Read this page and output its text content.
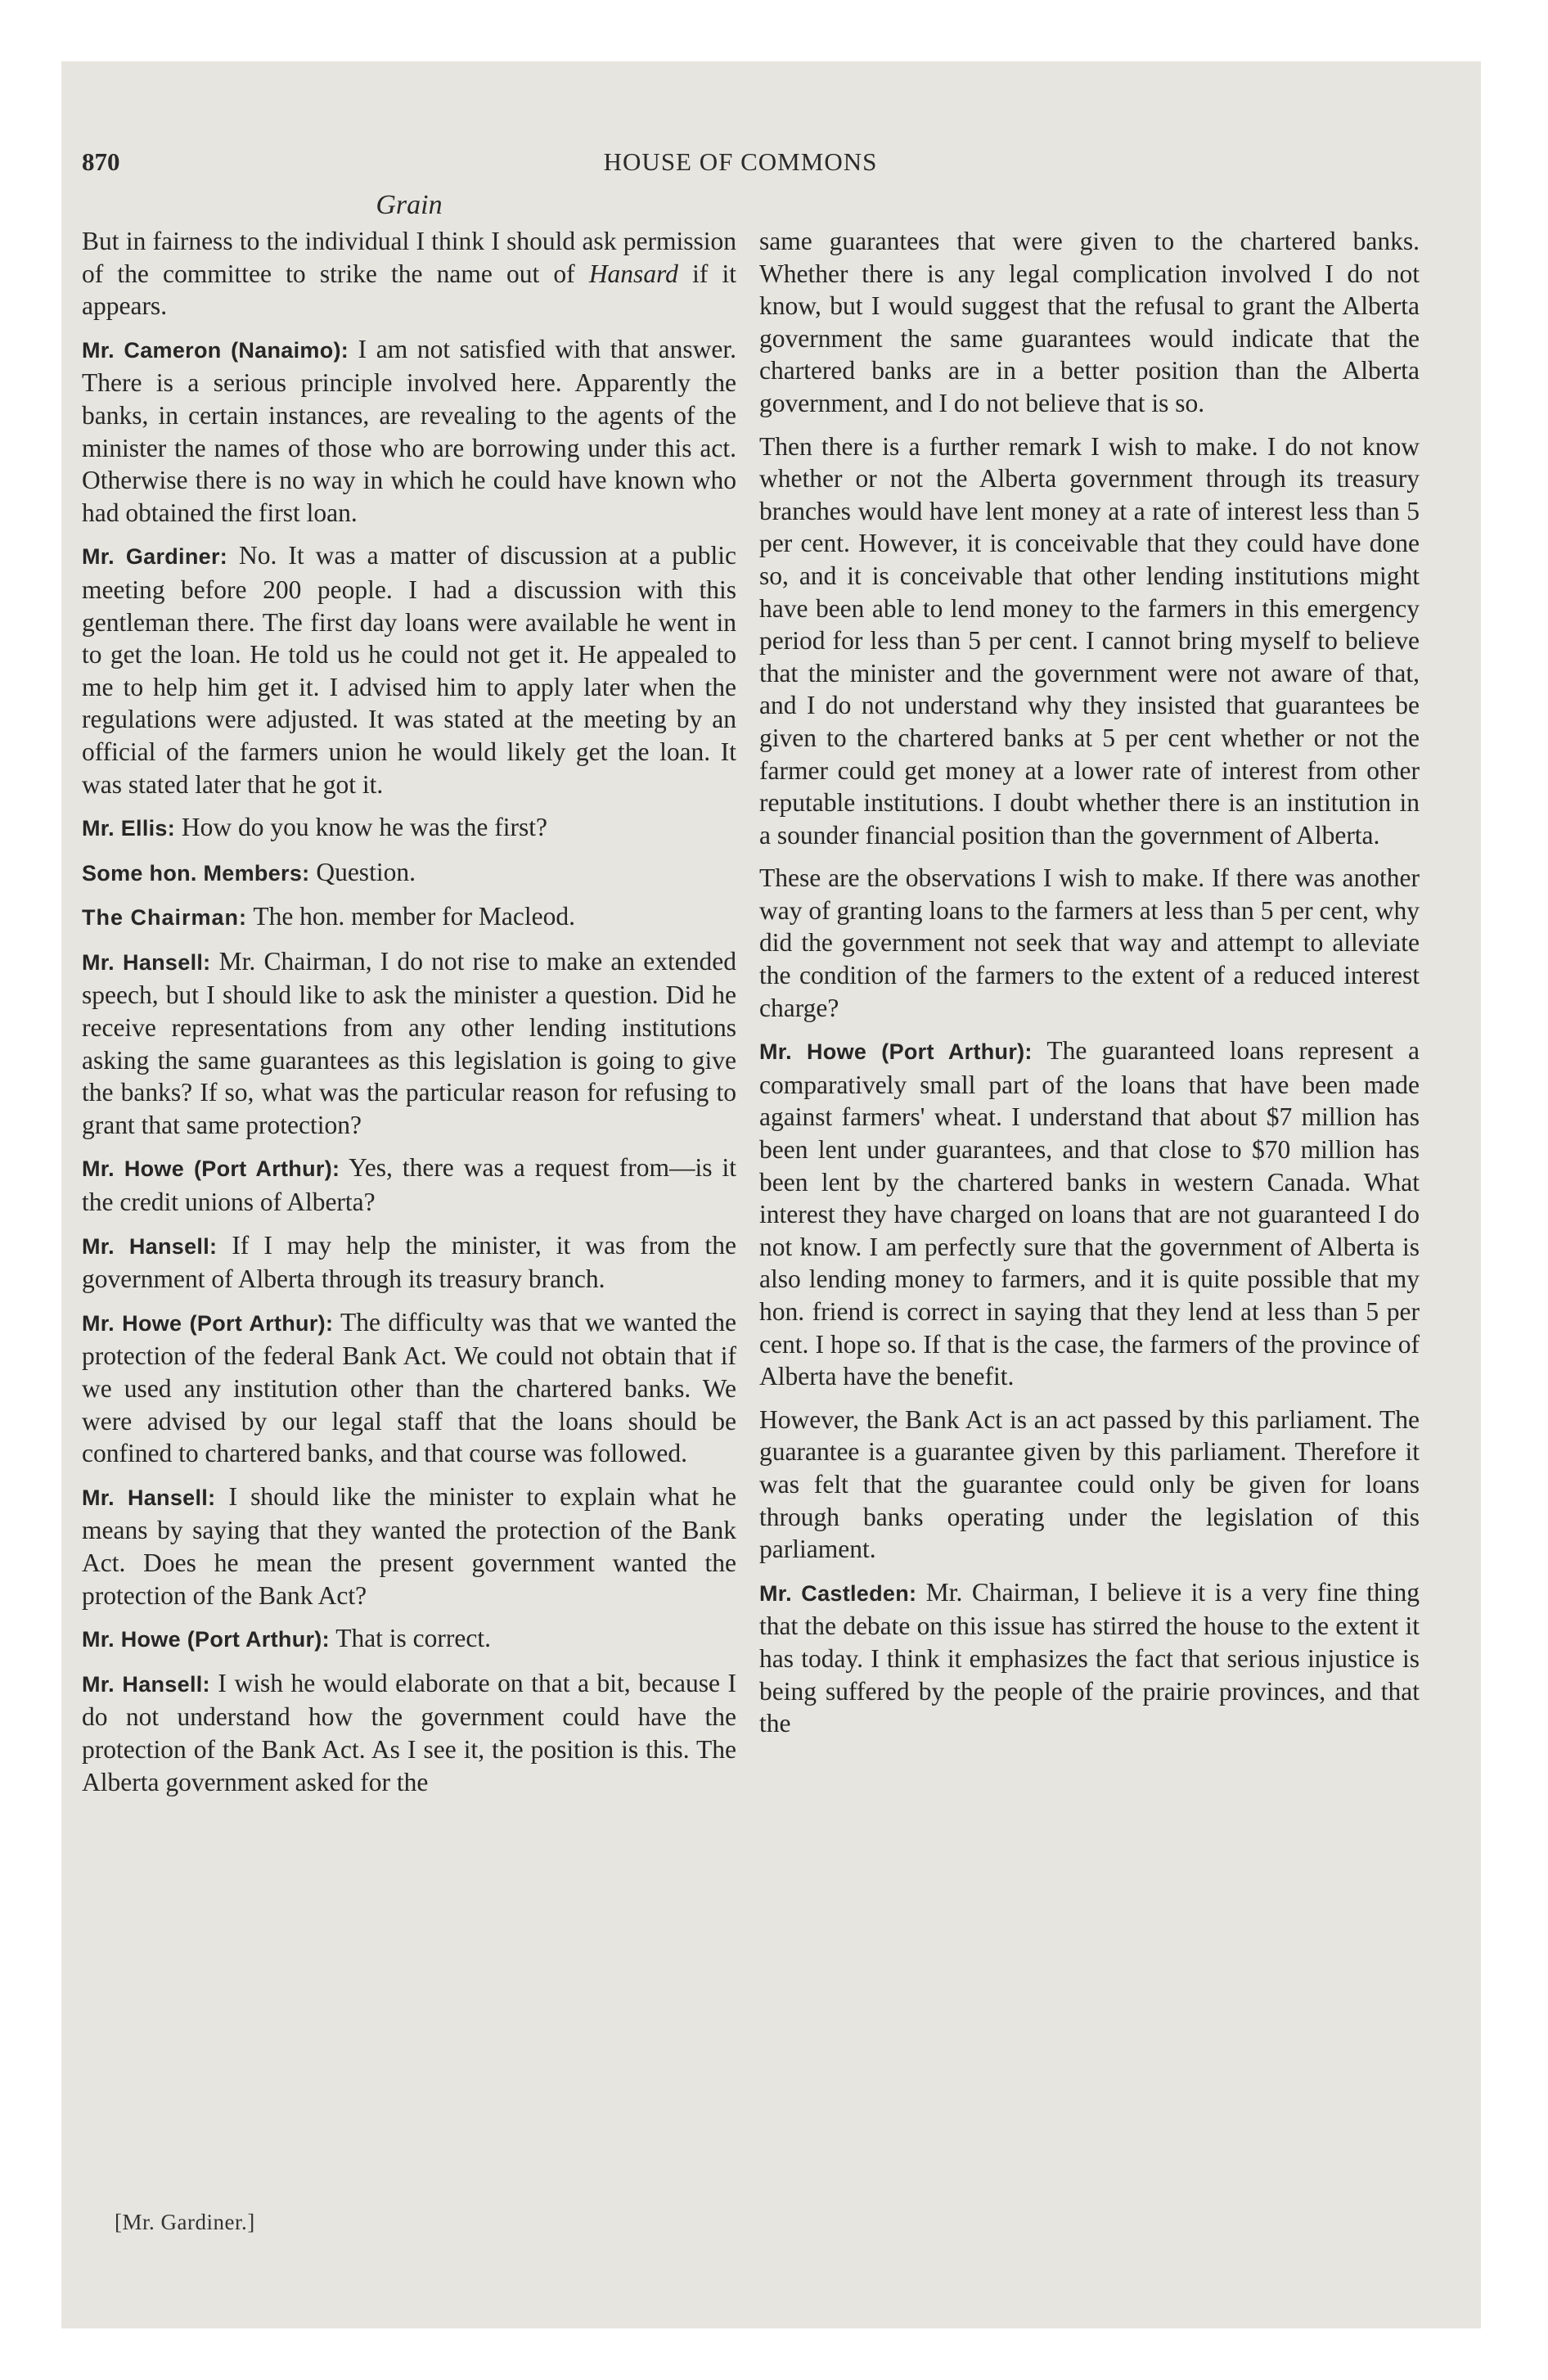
870	HOUSE OF COMMONS
Grain

But in fairness to the individual I think I should ask permission of the committee to strike the name out of Hansard if it appears.

Mr. Cameron (Nanaimo): I am not satisfied with that answer. There is a serious principle involved here. Apparently the banks, in certain instances, are revealing to the agents of the minister the names of those who are borrowing under this act. Otherwise there is no way in which he could have known who had obtained the first loan.

Mr. Gardiner: No. It was a matter of discussion at a public meeting before 200 people. I had a discussion with this gentleman there. The first day loans were available he went in to get the loan. He told us he could not get it. He appealed to me to help him get it. I advised him to apply later when the regulations were adjusted. It was stated at the meeting by an official of the farmers union he would likely get the loan. It was stated later that he got it.

Mr. Ellis: How do you know he was the first?

Some hon. Members: Question.

The Chairman: The hon. member for Macleod.

Mr. Hansell: Mr. Chairman, I do not rise to make an extended speech, but I should like to ask the minister a question. Did he receive representations from any other lending institutions asking the same guarantees as this legislation is going to give the banks? If so, what was the particular reason for refusing to grant that same protection?

Mr. Howe (Port Arthur): Yes, there was a request from—is it the credit unions of Alberta?

Mr. Hansell: If I may help the minister, it was from the government of Alberta through its treasury branch.

Mr. Howe (Port Arthur): The difficulty was that we wanted the protection of the federal Bank Act. We could not obtain that if we used any institution other than the chartered banks. We were advised by our legal staff that the loans should be confined to chartered banks, and that course was followed.

Mr. Hansell: I should like the minister to explain what he means by saying that they wanted the protection of the Bank Act. Does he mean the present government wanted the protection of the Bank Act?

Mr. Howe (Port Arthur): That is correct.

Mr. Hansell: I wish he would elaborate on that a bit, because I do not understand how the government could have the protection of the Bank Act. As I see it, the position is this. The Alberta government asked for the

same guarantees that were given to the chartered banks. Whether there is any legal complication involved I do not know, but I would suggest that the refusal to grant the Alberta government the same guarantees would indicate that the chartered banks are in a better position than the Alberta government, and I do not believe that is so.

Then there is a further remark I wish to make. I do not know whether or not the Alberta government through its treasury branches would have lent money at a rate of interest less than 5 per cent. However, it is conceivable that they could have done so, and it is conceivable that other lending institutions might have been able to lend money to the farmers in this emergency period for less than 5 per cent. I cannot bring myself to believe that the minister and the government were not aware of that, and I do not understand why they insisted that guarantees be given to the chartered banks at 5 per cent whether or not the farmer could get money at a lower rate of interest from other reputable institutions. I doubt whether there is an institution in a sounder financial position than the government of Alberta.

These are the observations I wish to make. If there was another way of granting loans to the farmers at less than 5 per cent, why did the government not seek that way and attempt to alleviate the condition of the farmers to the extent of a reduced interest charge?

Mr. Howe (Port Arthur): The guaranteed loans represent a comparatively small part of the loans that have been made against farmers' wheat. I understand that about $7 million has been lent under guarantees, and that close to $70 million has been lent by the chartered banks in western Canada. What interest they have charged on loans that are not guaranteed I do not know. I am perfectly sure that the government of Alberta is also lending money to farmers, and it is quite possible that my hon. friend is correct in saying that they lend at less than 5 per cent. I hope so. If that is the case, the farmers of the province of Alberta have the benefit.

However, the Bank Act is an act passed by this parliament. The guarantee is a guarantee given by this parliament. Therefore it was felt that the guarantee could only be given for loans through banks operating under the legislation of this parliament.

Mr. Castleden: Mr. Chairman, I believe it is a very fine thing that the debate on this issue has stirred the house to the extent it has today. I think it emphasizes the fact that serious injustice is being suffered by the people of the prairie provinces, and that the

[Mr. Gardiner.]
